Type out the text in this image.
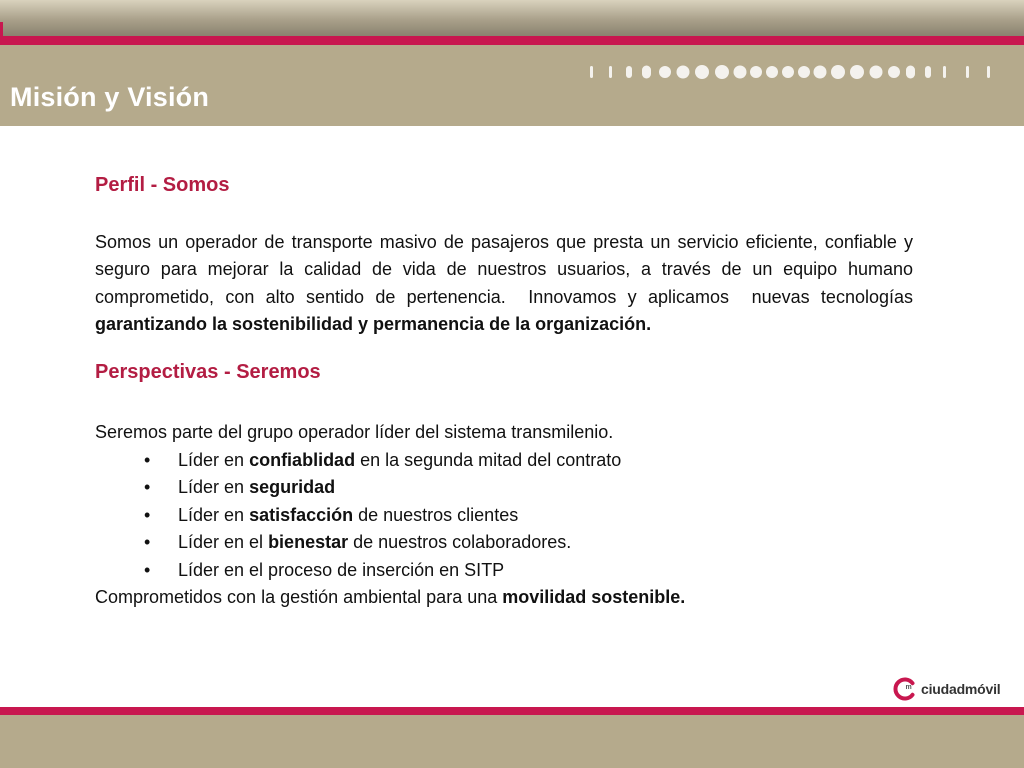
Misión y Visión

Perfil - Somos

Somos un operador de transporte masivo de pasajeros que presta un servicio eficiente, confiable y seguro para mejorar la calidad de vida de nuestros usuarios, a través de un equipo humano comprometido, con alto sentido de pertenencia.  Innovamos y aplicamos  nuevas tecnologías  garantizando la sostenibilidad y permanencia de la organización.

Perspectivas - Seremos

Seremos parte del grupo operador líder del sistema transmilenio.

• Líder en confiablidad en la segunda mitad del contrato
• Líder en seguridad
• Líder en satisfacción de nuestros clientes
• Líder en el bienestar de nuestros colaboradores.
• Líder en el proceso de inserción en SITP

Comprometidos con la gestión ambiental para una movilidad sostenible.

m ciudadmóvil
